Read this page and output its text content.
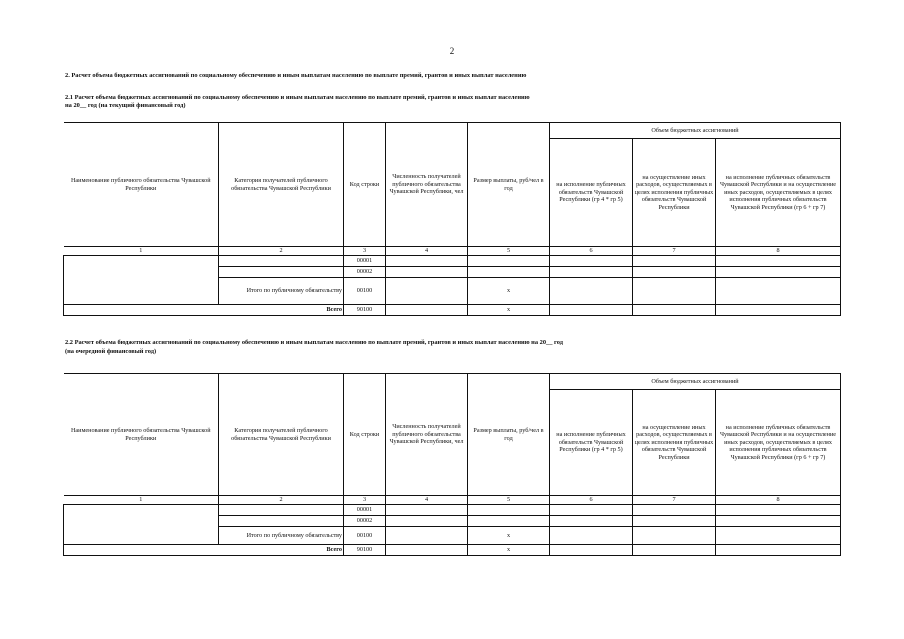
2
2. Расчет объема бюджетных ассигнований по социальному обеспечению и иным выплатам населению по выплате премий, грантов и иных выплат населению
2.1 Расчет объема бюджетных ассигнований по социальному обеспечению и иным выплатам населению по выплате премий, грантов и иных выплат населению
на 20__ год (на текущий финансовый год)
Наименование публичного обязательства Чувашской Республики	Категория получателей публичного обязательства Чувашской Республики	Код строки	Численность получателей публичного обязательства Чувашской Республики, чел	Размер выплаты, руб/чел в год	Объем бюджетных ассигнований		
					на исполнение публичных обязательств Чувашской Республики (гр 4 * гр 5)	на осуществление иных расходов, осуществляемых в целях исполнения публичных обязательств Чувашской Республики	на исполнение публичных обязательств Чувашской Республики и на осуществление иных расходов, осуществляемых в целях исполнения публичных обязательств Чувашской Республики (гр 6 + гр 7)
1	2	3	4	5	6	7	8
		00001					
		00002					
	Итого по публичному обязательству	00100		х			
Всего		90100		х			
2.2 Расчет объема бюджетных ассигнований по социальному обеспечению и иным выплатам населению по выплате премий, грантов и иных выплат населению на 20__ год
(на очередной финансовый год)
Наименование публичного обязательства Чувашской Республики	Категория получателей публичного обязательства Чувашской Республики	Код строки	Численность получателей публичного обязательства Чувашской Республики, чел	Размер выплаты, руб/чел в год	Объем бюджетных ассигнований		
					на исполнение публичных обязательств Чувашской Республики (гр 4 * гр 5)	на осуществление иных расходов, осуществляемых в целях исполнения публичных обязательств Чувашской Республики	на исполнение публичных обязательств Чувашской Республики и на осуществление иных расходов, осуществляемых в целях исполнения публичных обязательств Чувашской Республики (гр 6 + гр 7)
1	2	3	4	5	6	7	8
		00001					
		00002					
	Итого по публичному обязательству	00100		х			
Всего		90100		х			
